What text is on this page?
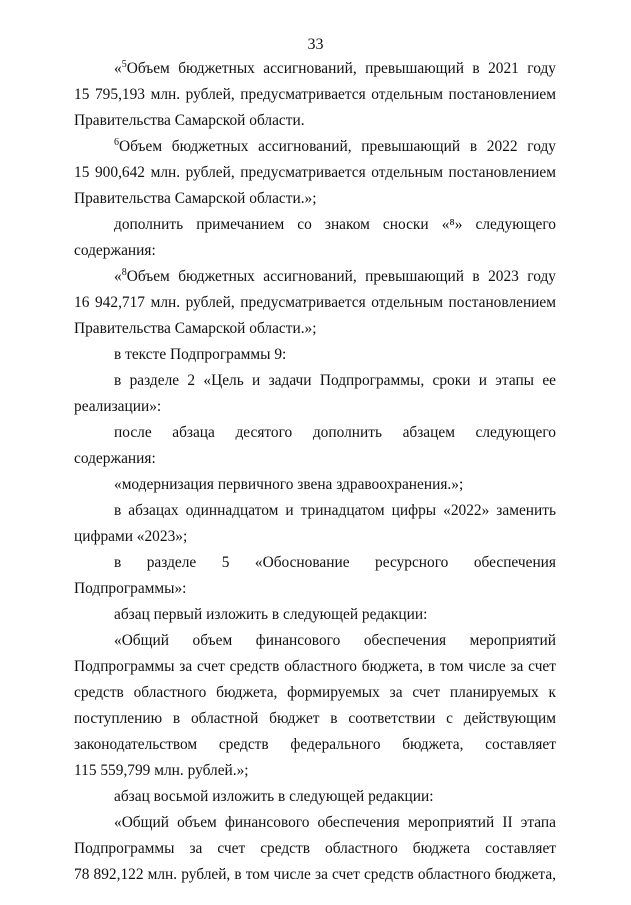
33
«$^5$Объем бюджетных ассигнований, превышающий в 2021 году
15 795,193 млн. рублей, предусматривается отдельным постановлением
Правительства Самарской области.
$^6$Объем бюджетных ассигнований, превышающий в 2022 году
15 900,642 млн. рублей, предусматривается отдельным постановлением
Правительства Самарской области.»;
дополнить примечанием со знаком сноски «⁸» следующего
содержания:
«$^8$Объем бюджетных ассигнований, превышающий в 2023 году
16 942,717 млн. рублей, предусматривается отдельным постановлением
Правительства Самарской области.»;
в тексте Подпрограммы 9:
в разделе 2 «Цель и задачи Подпрограммы, сроки и этапы ее
реализации»:
после абзаца десятого дополнить абзацем следующего содержания:
«модернизация первичного звена здравоохранения.»;
в абзацах одиннадцатом и тринадцатом цифры «2022» заменить
цифрами «2023»;
в разделе 5 «Обоснование ресурсного обеспечения Подпрограммы»:
абзац первый изложить в следующей редакции:
«Общий объем финансового обеспечения мероприятий
Подпрограммы за счет средств областного бюджета, в том числе за счет
средств областного бюджета, формируемых за счет планируемых к
поступлению в областной бюджет в соответствии с действующим
законодательством средств федерального бюджета, составляет
115 559,799 млн. рублей.»;
абзац восьмой изложить в следующей редакции:
«Общий объем финансового обеспечения мероприятий II этапа
Подпрограммы за счет средств областного бюджета составляет
78 892,122 млн. рублей, в том числе за счет средств областного бюджета,
